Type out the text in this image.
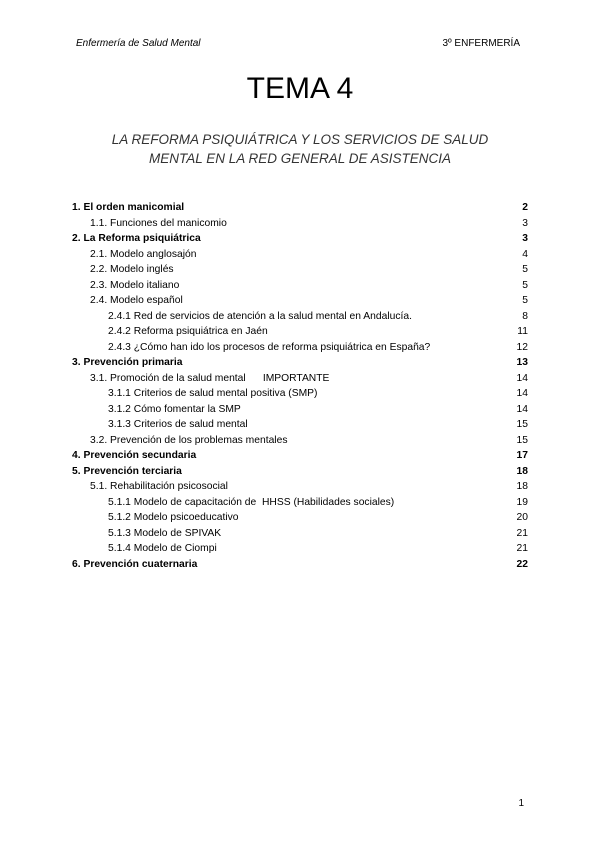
Enfermería de Salud Mental	3º ENFERMERÍA
TEMA 4
LA REFORMA PSIQUIÁTRICA Y LOS SERVICIOS DE SALUD
MENTAL EN LA RED GENERAL DE ASISTENCIA
1. El orden manicomial	2
1.1. Funciones del manicomio	3
2. La Reforma psiquiátrica	3
2.1. Modelo anglosajón	4
2.2. Modelo inglés	5
2.3. Modelo italiano	5
2.4. Modelo español	5
2.4.1 Red de servicios de atención a la salud mental en Andalucía.	8
2.4.2 Reforma psiquiátrica en Jaén	11
2.4.3 ¿Cómo han ido los procesos de reforma psiquiátrica en España?	12
3. Prevención primaria	13
3.1. Promoción de la salud mental      IMPORTANTE	14
3.1.1 Criterios de salud mental positiva (SMP)	14
3.1.2 Cómo fomentar la SMP	14
3.1.3 Criterios de salud mental	15
3.2. Prevención de los problemas mentales	15
4. Prevención secundaria	17
5. Prevención terciaria	18
5.1. Rehabilitación psicosocial	18
5.1.1 Modelo de capacitación de  HHSS (Habilidades sociales)	19
5.1.2 Modelo psicoeducativo	20
5.1.3 Modelo de SPIVAK	21
5.1.4 Modelo de Ciompi	21
6. Prevención cuaternaria	22
1
